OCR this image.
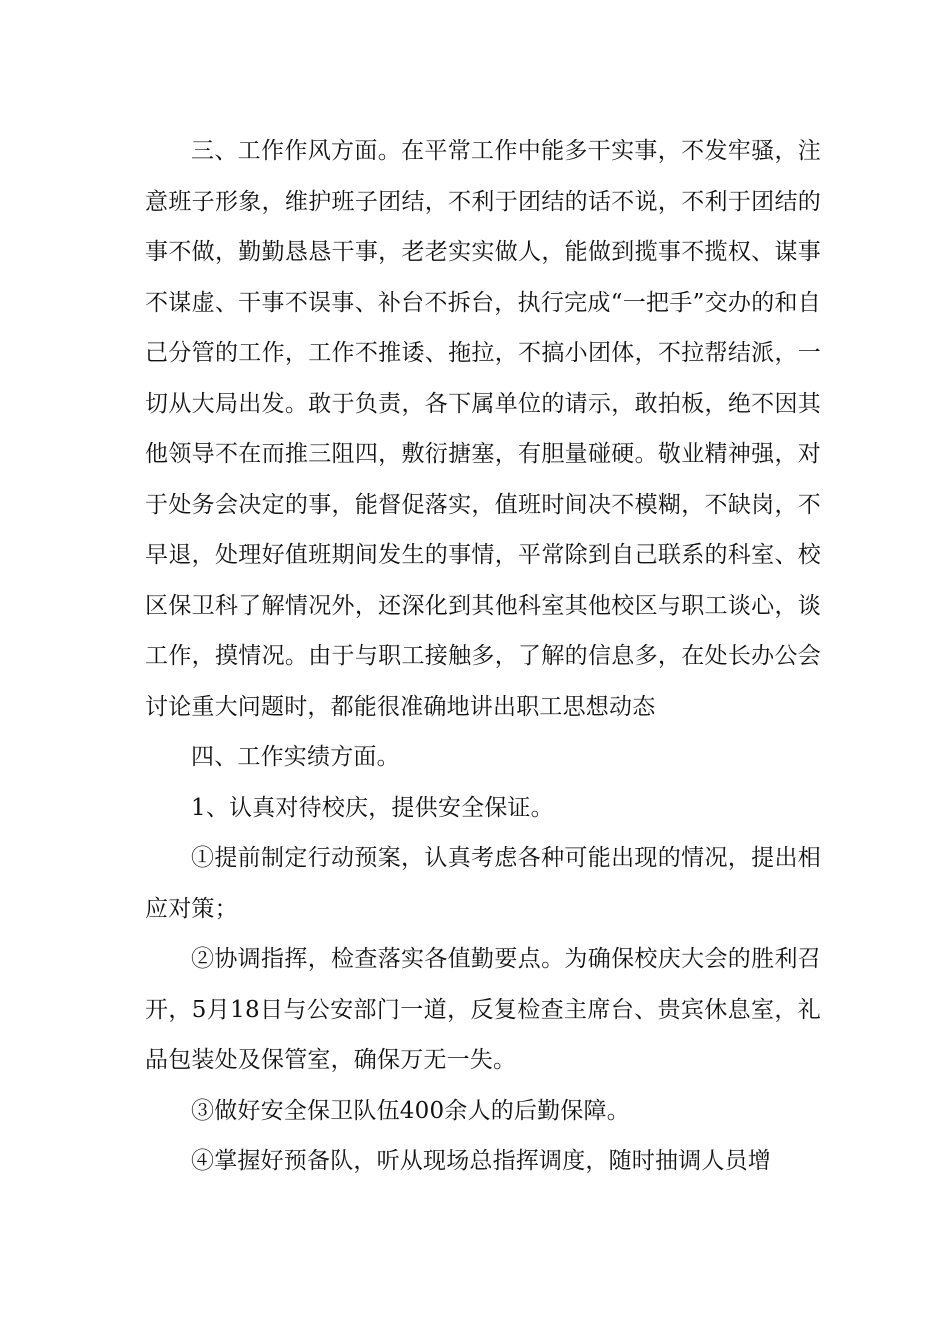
三、工作作风方面。在平常工作中能多干实事，不发牢骚，注意班子形象，维护班子团结，不利于团结的话不说，不利于团结的事不做，勤勤恳恳干事，老老实实做人，能做到揽事不揽权、谋事不谋虚、干事不误事、补台不拆台，执行完成“一把手”交办的和自己分管的工作，工作不推诿、拖拉，不搞小团体，不拉帮结派，一切从大局出发。敢于负责，各下属单位的请示，敢拍板，绝不因其他领导不在而推三阻四，敷衍搪塞，有胆量碰硬。敬业精神强，对于处务会决定的事，能督促落实，值班时间决不模糊，不缺岗，不早退，处理好值班期间发生的事情，平常除到自己联系的科室、校区保卫科了解情况外，还深化到其他科室其他校区与职工谈心，谈工作，摸情况。由于与职工接触多，了解的信息多，在处长办公会讨论重大问题时，都能很准确地讲出职工思想动态

四、工作实绩方面。

1、认真对待校庆，提供安全保证。

①提前制定行动预案，认真考虑各种可能出现的情况，提出相应对策；

②协调指挥，检查落实各值勤要点。为确保校庆大会的胜利召开，5月18日与公安部门一道，反复检查主席台、贵宾休息室，礼品包装处及保管室，确保万无一失。

③做好安全保卫队伍400余人的后勤保障。

④掌握好预备队，听从现场总指挥调度，随时抽调人员增
